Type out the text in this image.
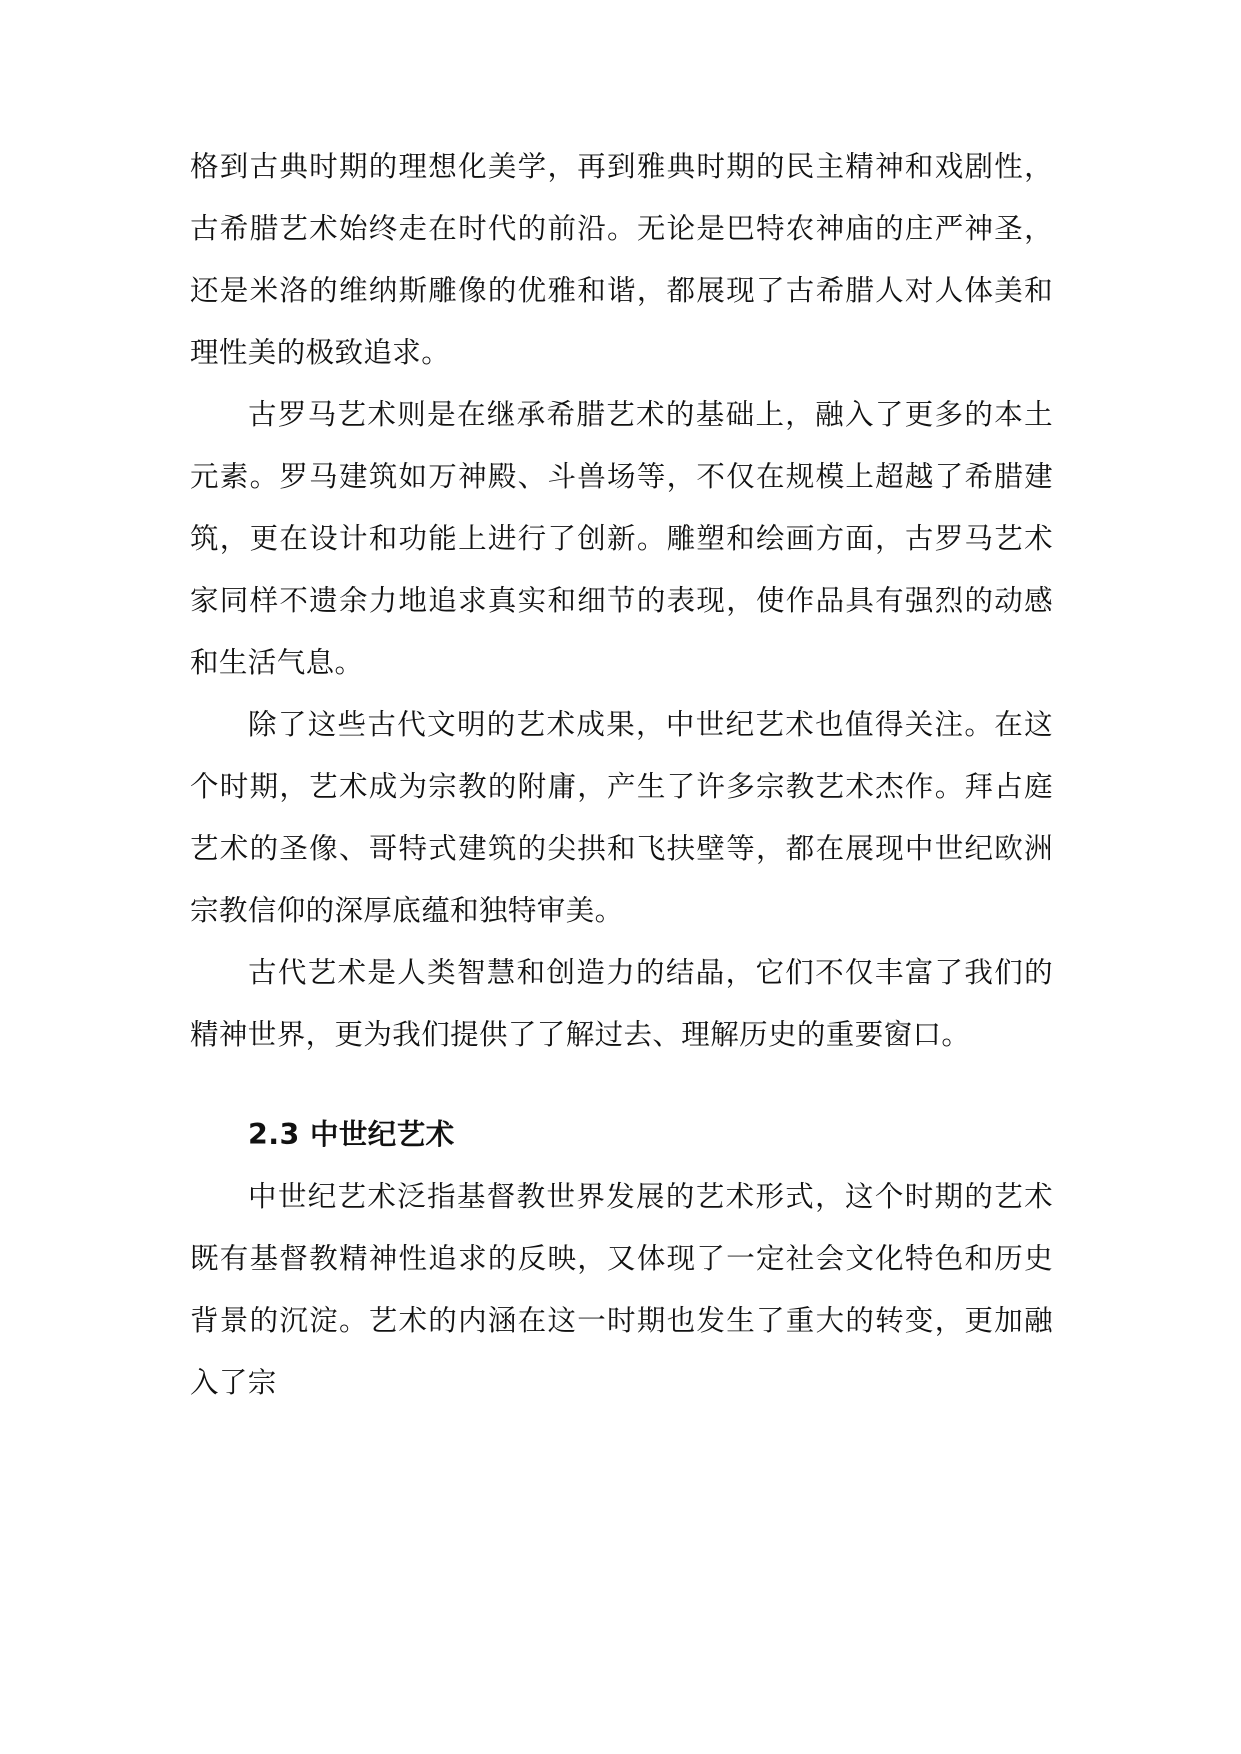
格到古典时期的理想化美学，再到雅典时期的民主精神和戏剧性，古希腊艺术始终走在时代的前沿。无论是巴特农神庙的庄严神圣，还是米洛的维纳斯雕像的优雅和谐，都展现了古希腊人对人体美和理性美的极致追求。

古罗马艺术则是在继承希腊艺术的基础上，融入了更多的本土元素。罗马建筑如万神殿、斗兽场等，不仅在规模上超越了希腊建筑，更在设计和功能上进行了创新。雕塑和绘画方面，古罗马艺术家同样不遗余力地追求真实和细节的表现，使作品具有强烈的动感和生活气息。

除了这些古代文明的艺术成果，中世纪艺术也值得关注。在这个时期，艺术成为宗教的附庸，产生了许多宗教艺术杰作。拜占庭艺术的圣像、哥特式建筑的尖拱和飞扶壁等，都在展现中世纪欧洲宗教信仰的深厚底蕴和独特审美。

古代艺术是人类智慧和创造力的结晶，它们不仅丰富了我们的精神世界，更为我们提供了了解过去、理解历史的重要窗口。

2.3 中世纪艺术

中世纪艺术泛指基督教世界发展的艺术形式，这个时期的艺术既有基督教精神性追求的反映，又体现了一定社会文化特色和历史背景的沉淀。艺术的内涵在这一时期也发生了重大的转变，更加融入了宗
